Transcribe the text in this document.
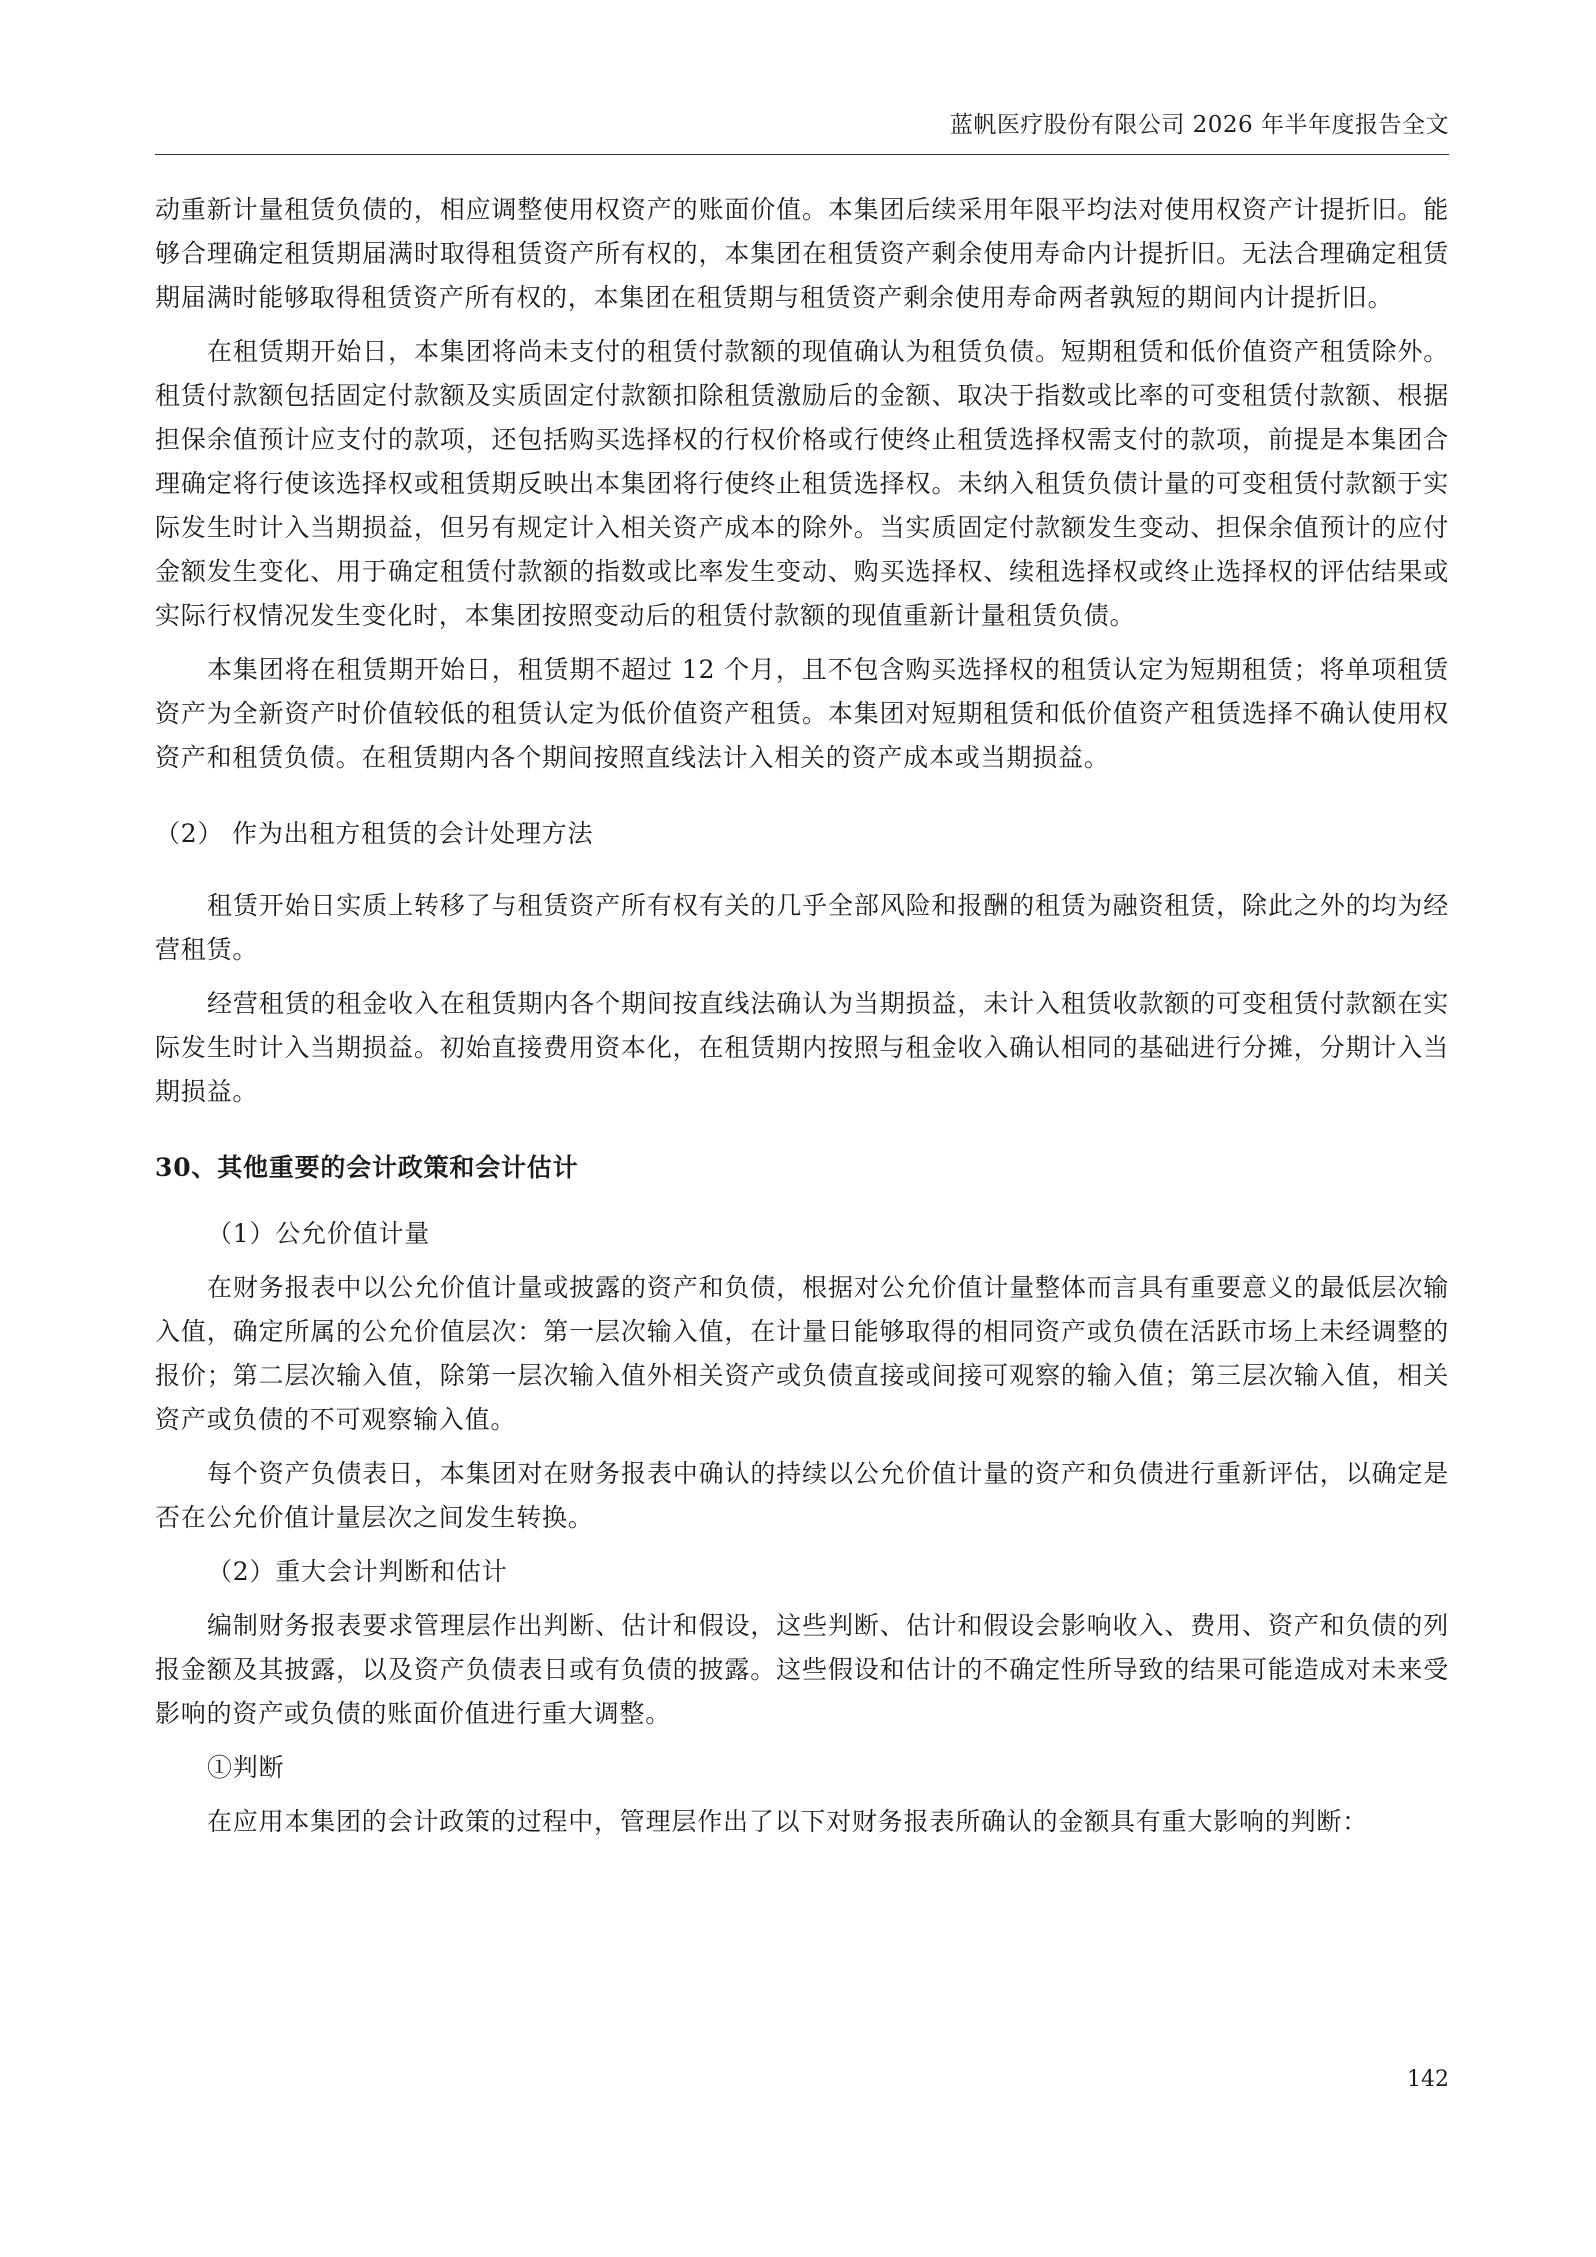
蓝帆医疗股份有限公司 2026 年半年度报告全文

动重新计量租赁负债的，相应调整使用权资产的账面价值。本集团后续采用年限平均法对使用权资产计提折旧。能够合理确定租赁期届满时取得租赁资产所有权的，本集团在租赁资产剩余使用寿命内计提折旧。无法合理确定租赁期届满时能够取得租赁资产所有权的，本集团在租赁期与租赁资产剩余使用寿命两者孰短的期间内计提折旧。

在租赁期开始日，本集团将尚未支付的租赁付款额的现值确认为租赁负债。短期租赁和低价值资产租赁除外。租赁付款额包括固定付款额及实质固定付款额扣除租赁激励后的金额、取决于指数或比率的可变租赁付款额、根据担保余值预计应支付的款项，还包括购买选择权的行权价格或行使终止租赁选择权需支付的款项，前提是本集团合理确定将行使该选择权或租赁期反映出本集团将行使终止租赁选择权。未纳入租赁负债计量的可变租赁付款额于实际发生时计入当期损益，但另有规定计入相关资产成本的除外。当实质固定付款额发生变动、担保余值预计的应付金额发生变化、用于确定租赁付款额的指数或比率发生变动、购买选择权、续租选择权或终止选择权的评估结果或实际行权情况发生变化时，本集团按照变动后的租赁付款额的现值重新计量租赁负债。

本集团将在租赁期开始日，租赁期不超过 12 个月，且不包含购买选择权的租赁认定为短期租赁；将单项租赁资产为全新资产时价值较低的租赁认定为低价值资产租赁。本集团对短期租赁和低价值资产租赁选择不确认使用权资产和租赁负债。在租赁期内各个期间按照直线法计入相关的资产成本或当期损益。

（2） 作为出租方租赁的会计处理方法

租赁开始日实质上转移了与租赁资产所有权有关的几乎全部风险和报酬的租赁为融资租赁，除此之外的均为经营租赁。

经营租赁的租金收入在租赁期内各个期间按直线法确认为当期损益，未计入租赁收款额的可变租赁付款额在实际发生时计入当期损益。初始直接费用资本化，在租赁期内按照与租金收入确认相同的基础进行分摊，分期计入当期损益。

30、其他重要的会计政策和会计估计

（1）公允价值计量

在财务报表中以公允价值计量或披露的资产和负债，根据对公允价值计量整体而言具有重要意义的最低层次输入值，确定所属的公允价值层次：第一层次输入值，在计量日能够取得的相同资产或负债在活跃市场上未经调整的报价；第二层次输入值，除第一层次输入值外相关资产或负债直接或间接可观察的输入值；第三层次输入值，相关资产或负债的不可观察输入值。

每个资产负债表日，本集团对在财务报表中确认的持续以公允价值计量的资产和负债进行重新评估，以确定是否在公允价值计量层次之间发生转换。

（2）重大会计判断和估计

编制财务报表要求管理层作出判断、估计和假设，这些判断、估计和假设会影响收入、费用、资产和负债的列报金额及其披露，以及资产负债表日或有负债的披露。这些假设和估计的不确定性所导致的结果可能造成对未来受影响的资产或负债的账面价值进行重大调整。

①判断

在应用本集团的会计政策的过程中，管理层作出了以下对财务报表所确认的金额具有重大影响的判断：

142
